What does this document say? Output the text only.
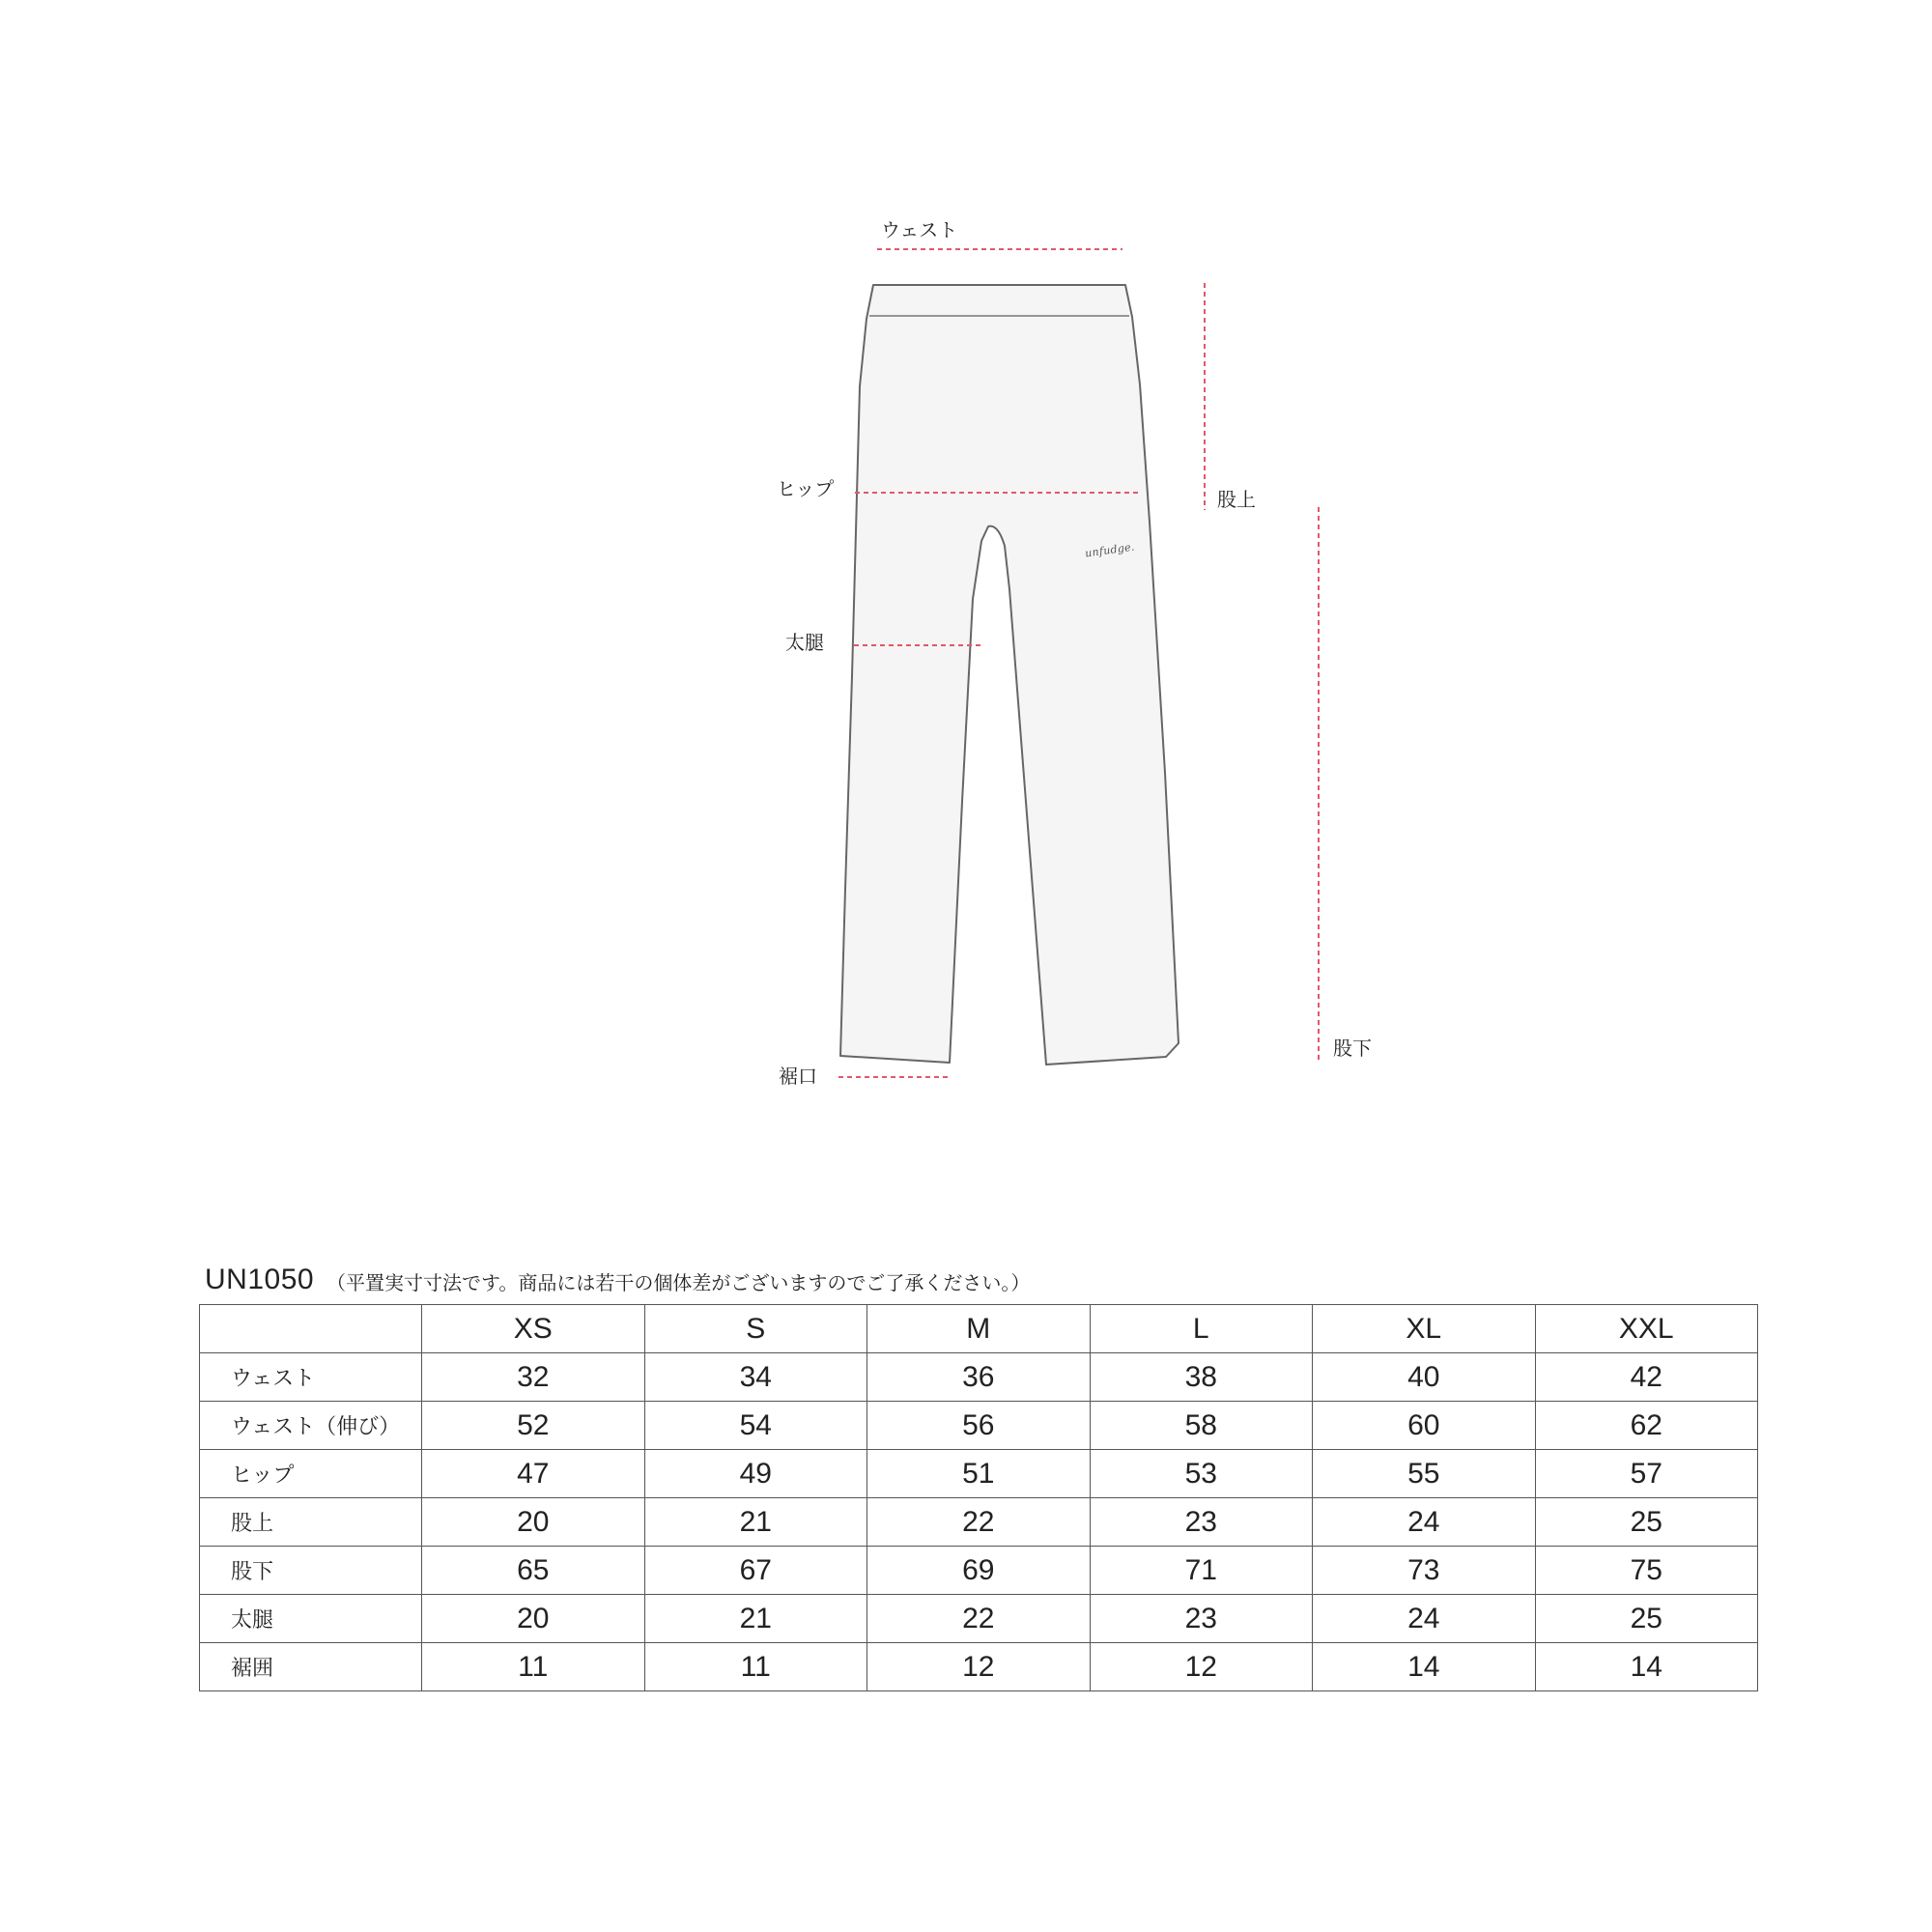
unfudge.
ウェスト
ヒップ
太腿
裾口
股上
股下
UN1050 （平置実寸寸法です。商品には若干の個体差がございますのでご了承ください。）
	XS	S	M	L	XL	XXL
ウェスト	32	34	36	38	40	42
ウェスト（伸び）	52	54	56	58	60	62
ヒップ	47	49	51	53	55	57
股上	20	21	22	23	24	25
股下	65	67	69	71	73	75
太腿	20	21	22	23	24	25
裾囲	11	11	12	12	14	14
